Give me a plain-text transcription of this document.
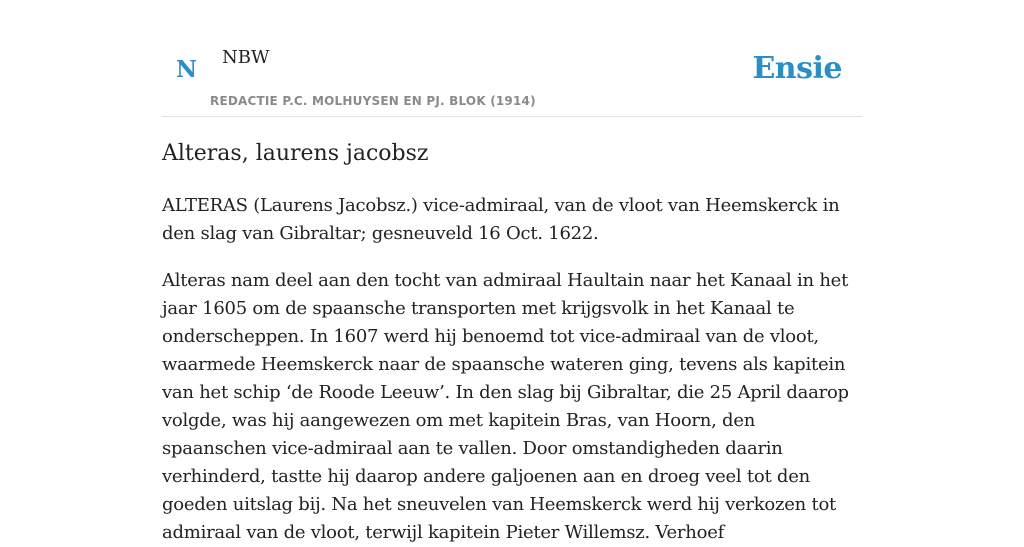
N NBW
REDACTIE P.C. MOLHUYSEN EN PJ. BLOK (1914)
Ensie
Alteras, laurens jacobsz

ALTERAS (Laurens Jacobsz.) vice-admiraal, van de vloot van Heemskerck in den slag van Gibraltar; gesneuveld 16 Oct. 1622.

Alteras nam deel aan den tocht van admiraal Haultain naar het Kanaal in het jaar 1605 om de spaansche transporten met krijgsvolk in het Kanaal te onderscheppen. In 1607 werd hij benoemd tot vice-admiraal van de vloot, waarmede Heemskerck naar de spaansche wateren ging, tevens als kapitein van het schip ‘de Roode Leeuw’. In den slag bij Gibraltar, die 25 April daarop volgde, was hij aangewezen om met kapitein Bras, van Hoorn, den spaanschen vice-admiraal aan te vallen. Door omstandigheden daarin verhinderd, tastte hij daarop andere galjoenen aan en droeg veel tot den goeden uitslag bij. Na het sneuvelen van Heemskerck werd hij verkozen tot admiraal van de vloot, terwijl kapitein Pieter Willemsz. Verhoef
